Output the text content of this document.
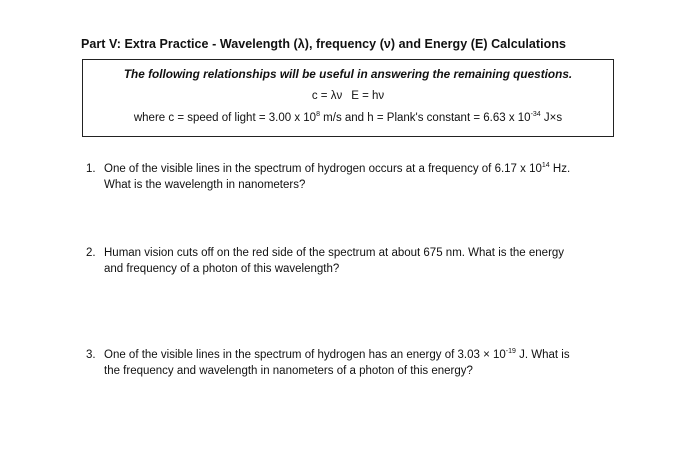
Part V: Extra Practice - Wavelength (λ), frequency (ν) and Energy (E) Calculations
The following relationships will be useful in answering the remaining questions.
c = λν E = hν
where c = speed of light = 3.00 x $10^8$ m/s and h = Plank's constant = 6.63 x $10^{-34}$ J×s
1. One of the visible lines in the spectrum of hydrogen occurs at a frequency of 6.17 x $10^{14}$ Hz.
What is the wavelength in nanometers?
2. Human vision cuts off on the red side of the spectrum at about 675 nm. What is the energy
and frequency of a photon of this wavelength?
3. One of the visible lines in the spectrum of hydrogen has an energy of $3.03 \times 10^{-19}$ J. What is
the frequency and wavelength in nanometers of a photon of this energy?
